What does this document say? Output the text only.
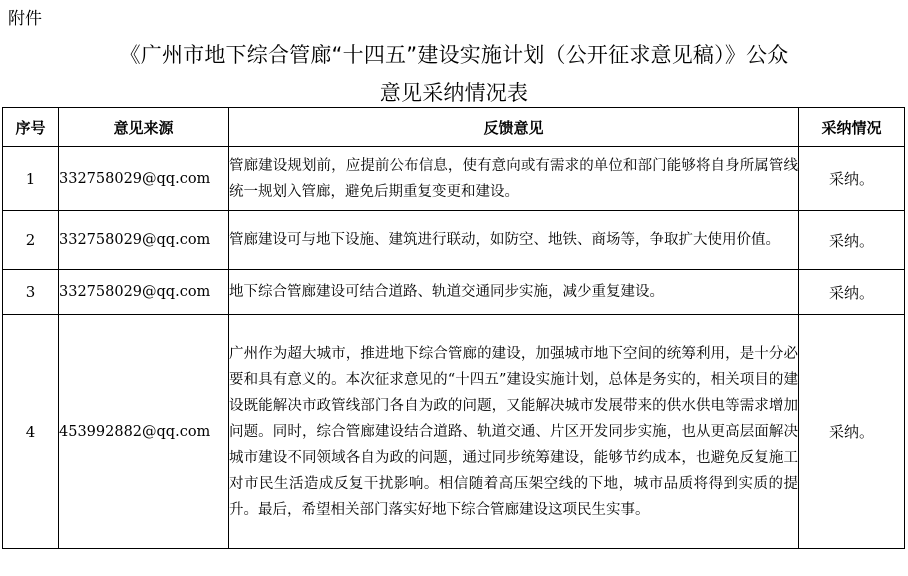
附件
《广州市地下综合管廊“十四五”建设实施计划（公开征求意见稿）》公众
意见采纳情况表
序号	意见来源	反馈意见	采纳情况
1	332758029@qq.com	管廊建设规划前，应提前公布信息，使有意向或有需求的单位和部门能够将自身所属管线统一规划入管廊，避免后期重复变更和建设。	采纳。
2	332758029@qq.com	管廊建设可与地下设施、建筑进行联动，如防空、地铁、商场等，争取扩大使用价值。	采纳。
3	332758029@qq.com	地下综合管廊建设可结合道路、轨道交通同步实施，减少重复建设。	采纳。
4	453992882@qq.com	广州作为超大城市，推进地下综合管廊的建设，加强城市地下空间的统筹利用，是十分必要和具有意义的。本次征求意见的“十四五”建设实施计划，总体是务实的，相关项目的建设既能解决市政管线部门各自为政的问题，又能解决城市发展带来的供水供电等需求增加问题。同时，综合管廊建设结合道路、轨道交通、片区开发同步实施，也从更高层面解决城市建设不同领域各自为政的问题，通过同步统筹建设，能够节约成本，也避免反复施工对市民生活造成反复干扰影响。相信随着高压架空线的下地，城市品质将得到实质的提升。最后，希望相关部门落实好地下综合管廊建设这项民生实事。	采纳。
